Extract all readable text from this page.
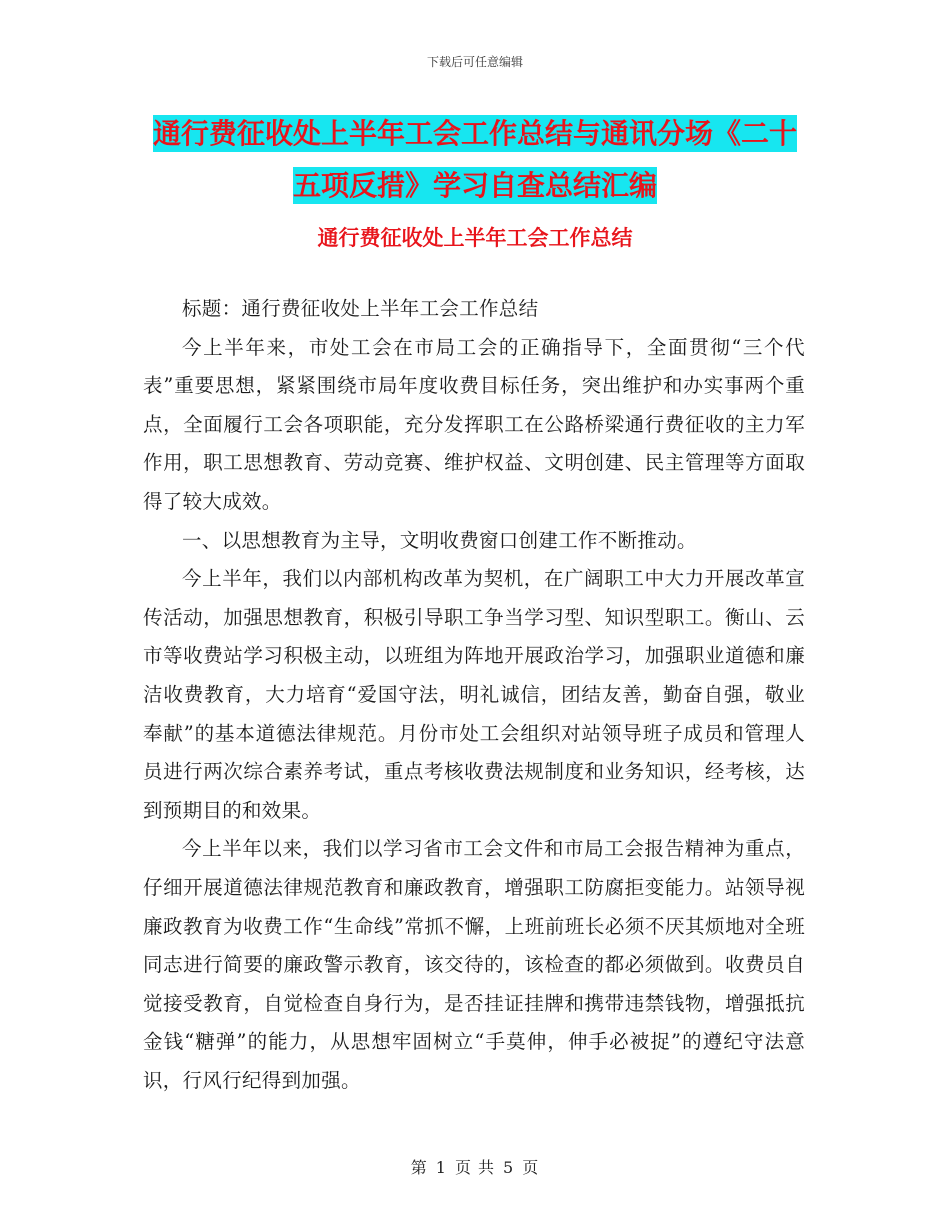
下载后可任意编辑
通行费征收处上半年工会工作总结与通讯分场《二十五项反措》学习自查总结汇编
通行费征收处上半年工会工作总结

标题：通行费征收处上半年工会工作总结

今上半年来，市处工会在市局工会的正确指导下，全面贯彻“三个代表”重要思想，紧紧围绕市局年度收费目标任务，突出维护和办实事两个重点，全面履行工会各项职能，充分发挥职工在公路桥梁通行费征收的主力军作用，职工思想教育、劳动竞赛、维护权益、文明创建、民主管理等方面取得了较大成效。

一、以思想教育为主导，文明收费窗口创建工作不断推动。

今上半年，我们以内部机构改革为契机，在广阔职工中大力开展改革宣传活动，加强思想教育，积极引导职工争当学习型、知识型职工。衡山、云市等收费站学习积极主动，以班组为阵地开展政治学习，加强职业道德和廉洁收费教育，大力培育“爱国守法，明礼诚信，团结友善，勤奋自强，敬业奉献”的基本道德法律规范。月份市处工会组织对站领导班子成员和管理人员进行两次综合素养考试，重点考核收费法规制度和业务知识，经考核，达到预期目的和效果。

今上半年以来，我们以学习省市工会文件和市局工会报告精神为重点，仔细开展道德法律规范教育和廉政教育，增强职工防腐拒变能力。站领导视廉政教育为收费工作“生命线”常抓不懈，上班前班长必须不厌其烦地对全班同志进行简要的廉政警示教育，该交待的，该检查的都必须做到。收费员自觉接受教育，自觉检查自身行为，是否挂证挂牌和携带违禁钱物，增强抵抗金钱“糖弹”的能力，从思想牢固树立“手莫伸，伸手必被捉”的遵纪守法意识，行风行纪得到加强。

第 1 页 共 5 页
